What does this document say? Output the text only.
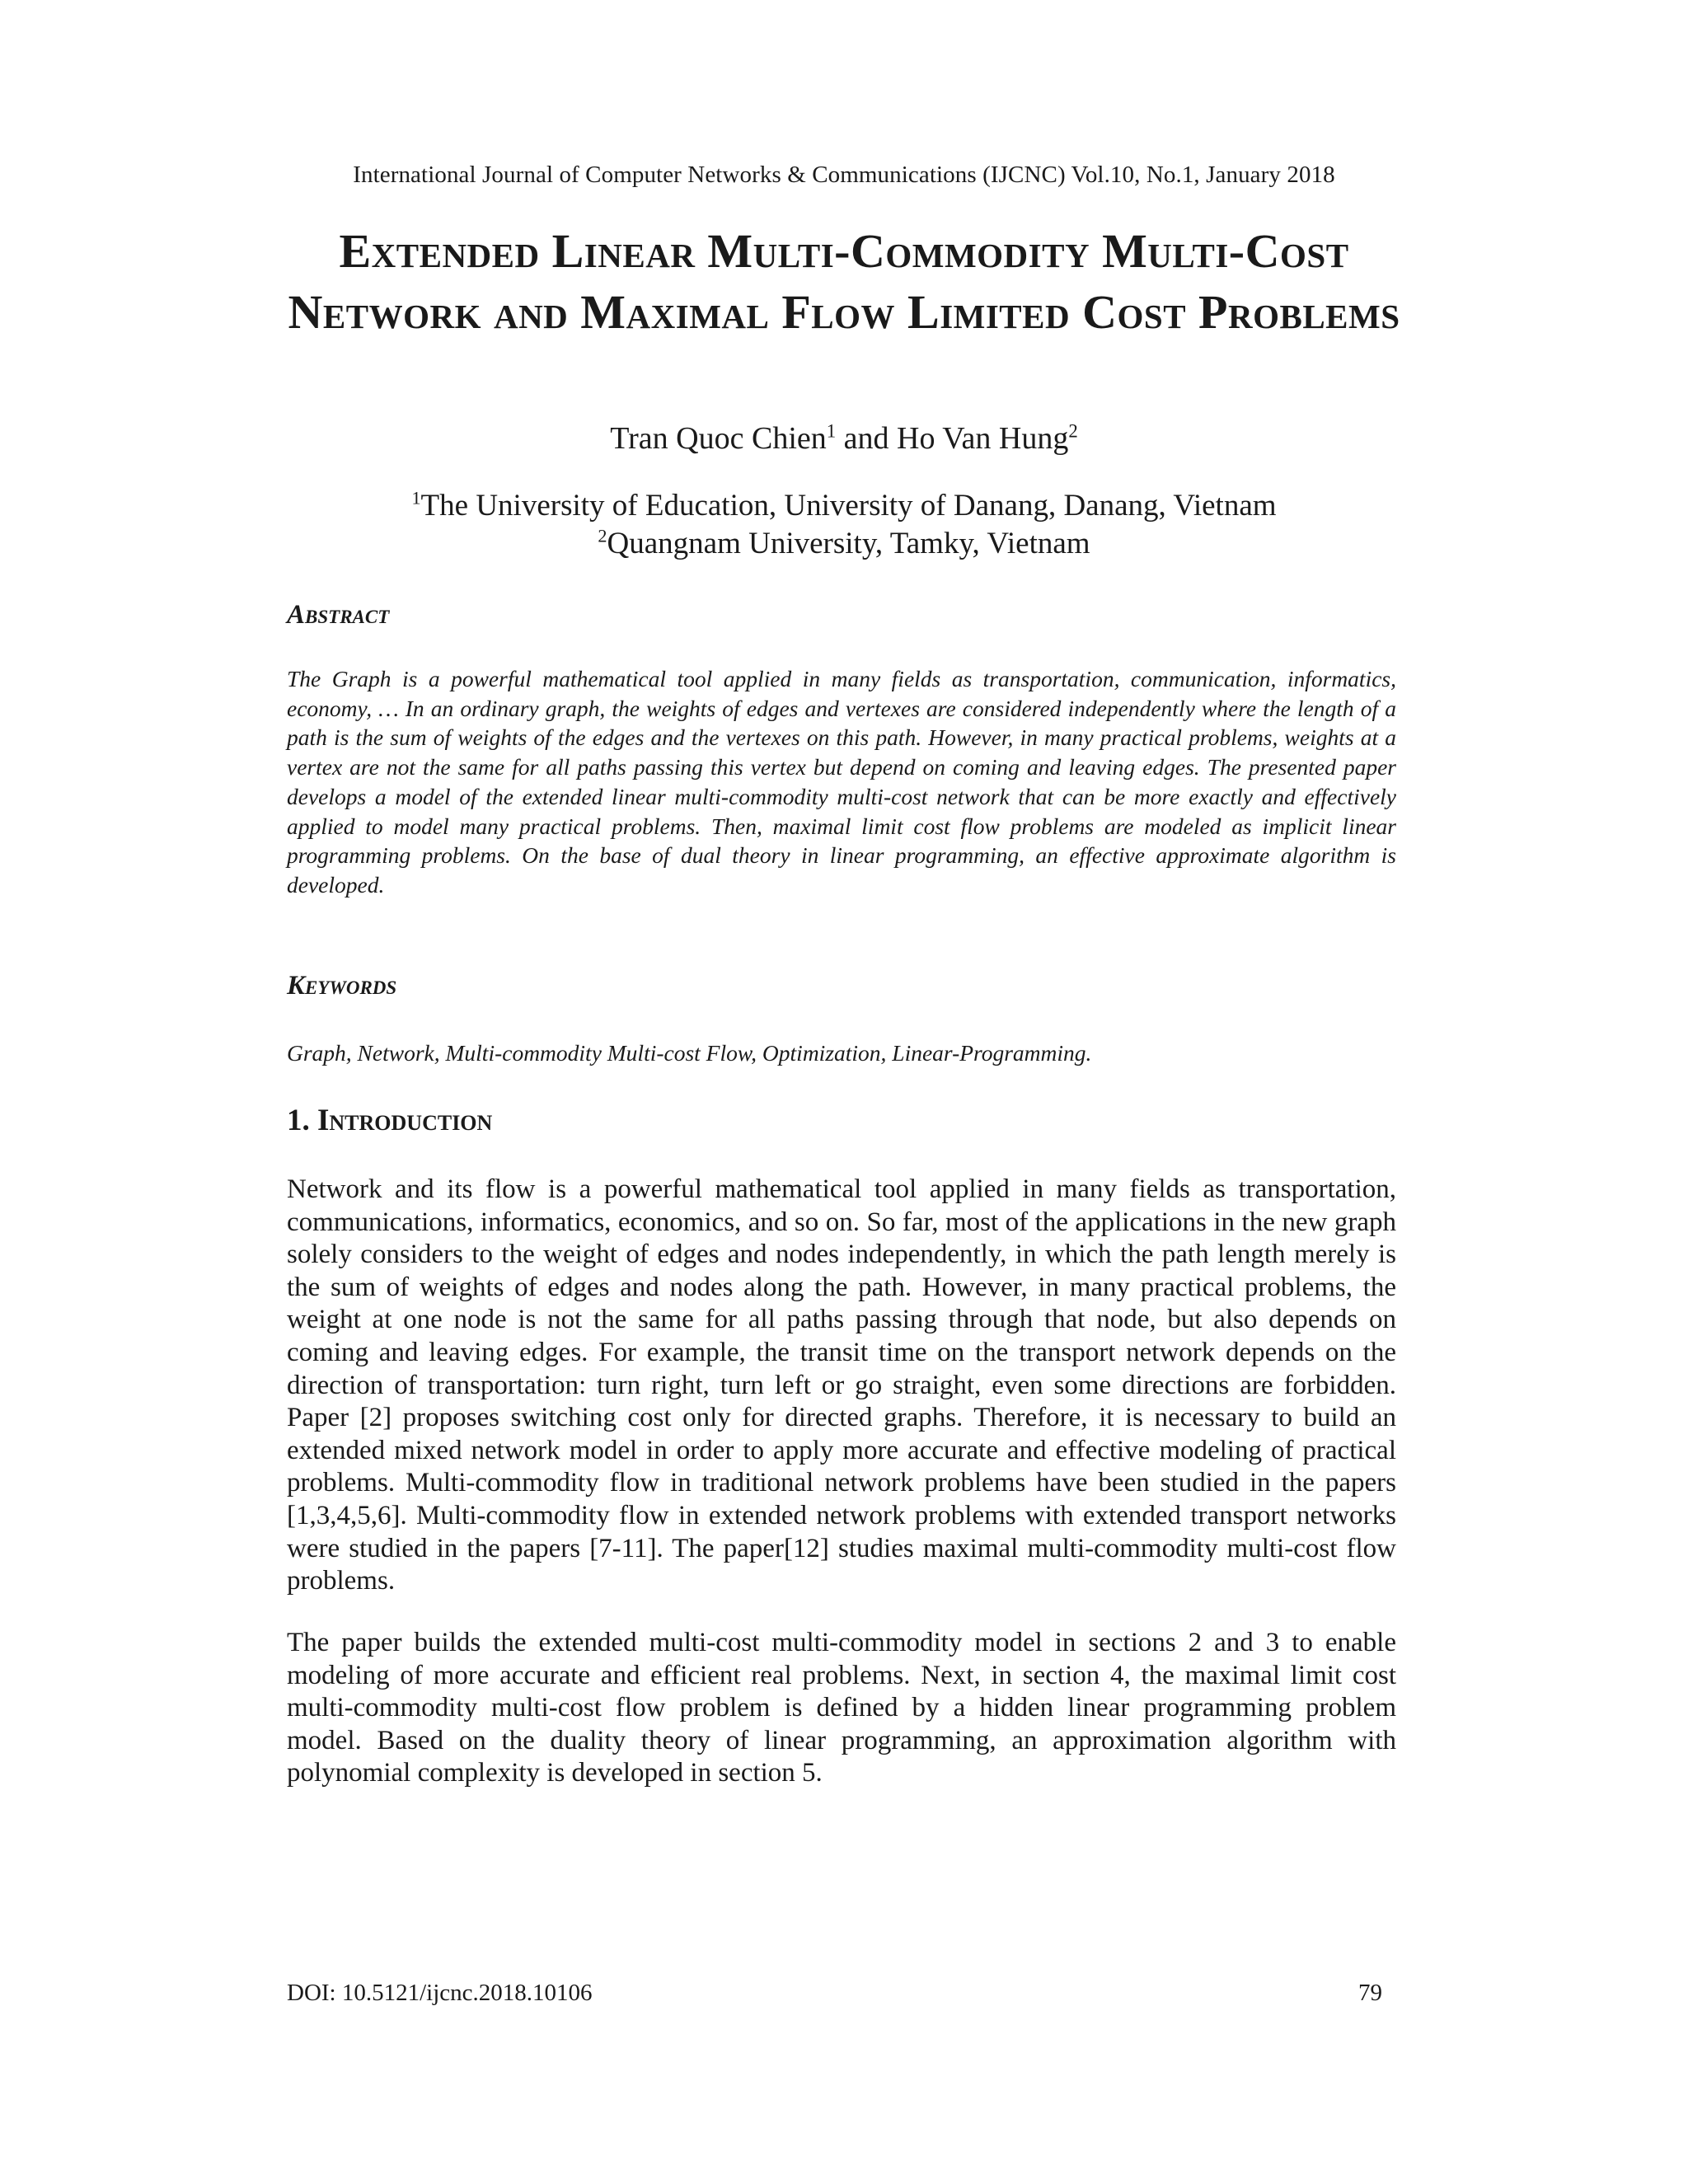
International Journal of Computer Networks & Communications (IJCNC) Vol.10, No.1, January 2018
Extended Linear Multi-Commodity Multi-Cost Network and Maximal Flow Limited Cost Problems
Tran Quoc Chien$^1$ and Ho Van Hung$^2$
$^1$The University of Education, University of Danang, Danang, Vietnam
$^2$Quangnam University, Tamky, Vietnam
Abstract
The Graph is a powerful mathematical tool applied in many fields as transportation, communication, informatics, economy, … In an ordinary graph, the weights of edges and vertexes are considered independently where the length of a path is the sum of weights of the edges and the vertexes on this path. However, in many practical problems, weights at a vertex are not the same for all paths passing this vertex but depend on coming and leaving edges. The presented paper develops a model of the extended linear multi-commodity multi-cost network that can be more exactly and effectively applied to model many practical problems. Then, maximal limit cost flow problems are modeled as implicit linear programming problems. On the base of dual theory in linear programming, an effective approximate algorithm is developed.
Keywords
Graph, Network, Multi-commodity Multi-cost Flow, Optimization, Linear-Programming.
1. Introduction
Network and its flow is a powerful mathematical tool applied in many fields as transportation, communications, informatics, economics, and so on. So far, most of the applications in the new graph solely considers to the weight of edges and nodes independently, in which the path length merely is the sum of weights of edges and nodes along the path. However, in many practical problems, the weight at one node is not the same for all paths passing through that node, but also depends on coming and leaving edges. For example, the transit time on the transport network depends on the direction of transportation: turn right, turn left or go straight, even some directions are forbidden. Paper [2] proposes switching cost only for directed graphs. Therefore, it is necessary to build an extended mixed network model in order to apply more accurate and effective modeling of practical problems. Multi-commodity flow in traditional network problems have been studied in the papers [1,3,4,5,6]. Multi-commodity flow in extended network problems with extended transport networks were studied in the papers [7-11]. The paper[12] studies maximal multi-commodity multi-cost flow problems.
The paper builds the extended multi-cost multi-commodity model in sections 2 and 3 to enable modeling of more accurate and efficient real problems. Next, in section 4, the maximal limit cost multi-commodity multi-cost flow problem is defined by a hidden linear programming problem model. Based on the duality theory of linear programming, an approximation algorithm with polynomial complexity is developed in section 5.
DOI: 10.5121/ijcnc.2018.10106	79
